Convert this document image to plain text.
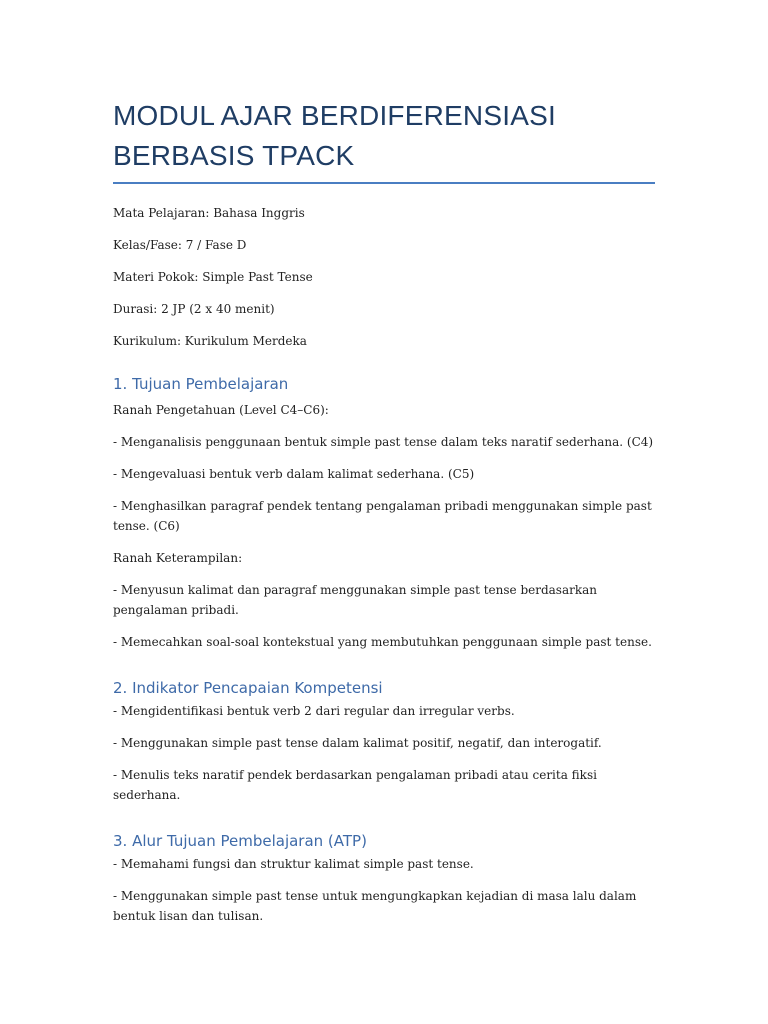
MODUL AJAR BERDIFERENSIASI
BERBASIS TPACK

Mata Pelajaran: Bahasa Inggris

Kelas/Fase: 7 / Fase D

Materi Pokok: Simple Past Tense

Durasi: 2 JP (2 x 40 menit)

Kurikulum: Kurikulum Merdeka

1. Tujuan Pembelajaran

Ranah Pengetahuan (Level C4–C6):

- Menganalisis penggunaan bentuk simple past tense dalam teks naratif sederhana. (C4)

- Mengevaluasi bentuk verb dalam kalimat sederhana. (C5)

- Menghasilkan paragraf pendek tentang pengalaman pribadi menggunakan simple past tense. (C6)

Ranah Keterampilan:

- Menyusun kalimat dan paragraf menggunakan simple past tense berdasarkan pengalaman pribadi.

- Memecahkan soal-soal kontekstual yang membutuhkan penggunaan simple past tense.

2. Indikator Pencapaian Kompetensi

- Mengidentifikasi bentuk verb 2 dari regular dan irregular verbs.

- Menggunakan simple past tense dalam kalimat positif, negatif, dan interogatif.

- Menulis teks naratif pendek berdasarkan pengalaman pribadi atau cerita fiksi sederhana.

3. Alur Tujuan Pembelajaran (ATP)

- Memahami fungsi dan struktur kalimat simple past tense.

- Menggunakan simple past tense untuk mengungkapkan kejadian di masa lalu dalam bentuk lisan dan tulisan.
